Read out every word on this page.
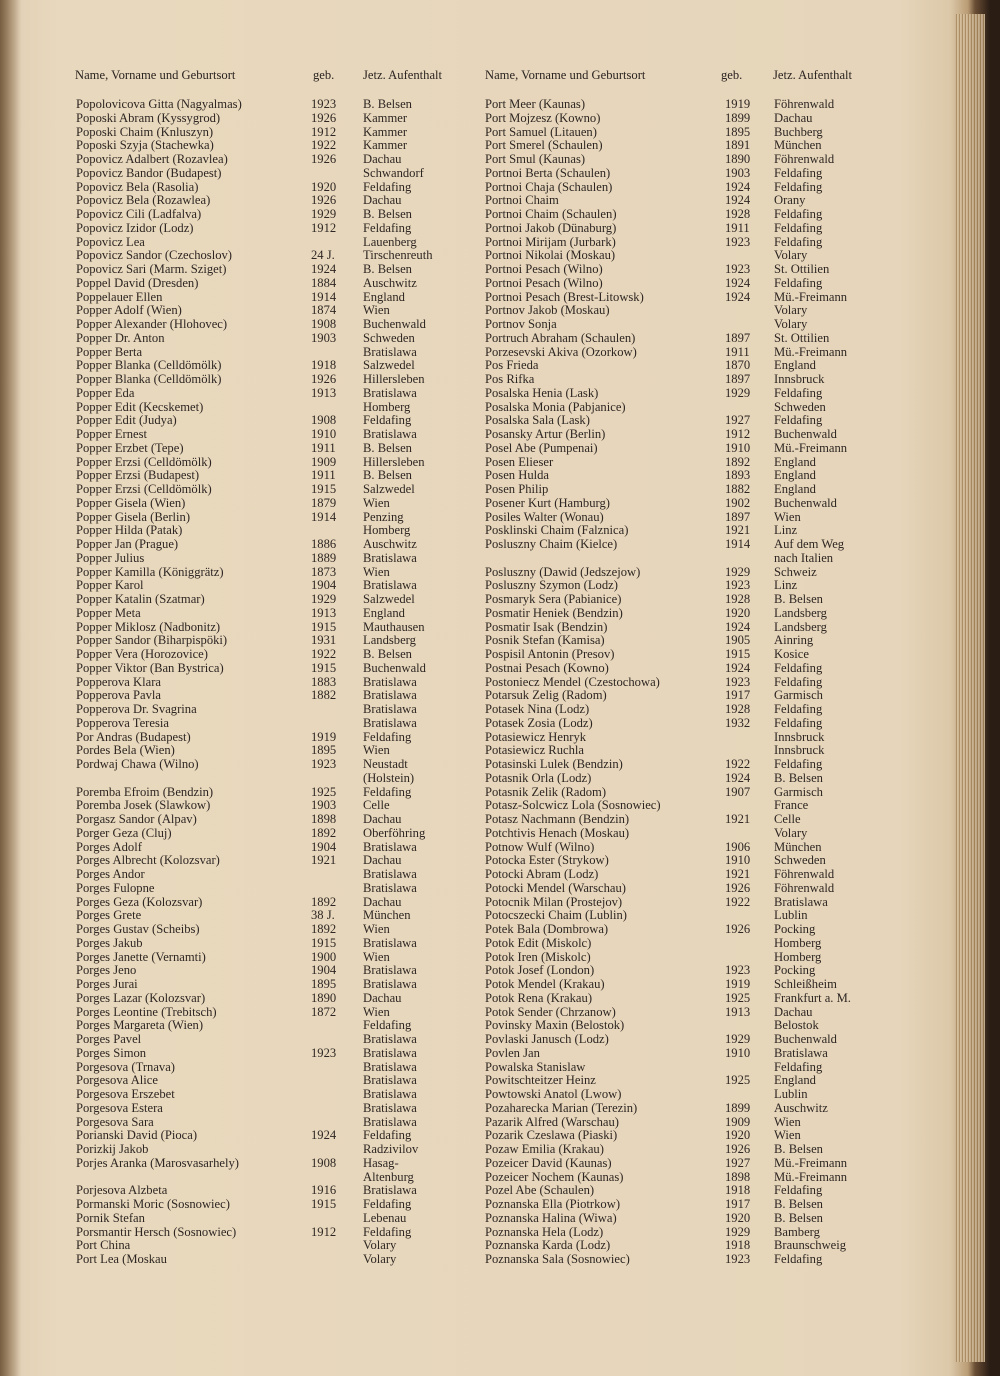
Name, Vorname und Geburtsort	geb. Jetz. Aufenthalt	Name, Vorname und Geburtsort	geb. Jetz. Aufenthalt
Popolovicova Gitta (Nagyalmas)	1923 B. Belsen
Poposki Abram (Kyssygrod)	1926 Kammer
Poposki Chaim (Knluszyn)	1912 Kammer
Poposki Szyja (Stachewka)	1922 Kammer
Popovicz Adalbert (Rozavlea)	1926 Dachau
Popovicz Bandor (Budapest)	Schwandorf
Popovicz Bela (Rasolia)	1920 Feldafing
Popovicz Bela (Rozawlea)	1926 Dachau
Popovicz Cili (Ladfalva)	1929 B. Belsen
Popovicz Izidor (Lodz)	1912 Feldafing
Popovicz Lea	Lauenberg
Popovicz Sandor (Czechoslov)	24 J. Tirschenreuth
Popovicz Sari (Marm. Sziget)	1924 B. Belsen
Poppel David (Dresden)	1884 Auschwitz
Poppelauer Ellen	1914 England
Popper Adolf (Wien)	1874 Wien
Popper Alexander (Hlohovec)	1908 Buchenwald
Popper Dr. Anton	1903 Schweden
Popper Berta	Bratislawa
Popper Blanka (Celldömölk)	1918 Salzwedel
Popper Blanka (Celldömölk)	1926 Hillersleben
Popper Eda	1913 Bratislawa
Popper Edit (Kecskemet)	Homberg
Popper Edit (Judya)	1908 Feldafing
Popper Ernest	1910 Bratislawa
Popper Erzbet (Tepe)	1911 B. Belsen
Popper Erzsi (Celldömölk)	1909 Hillersleben
Popper Erzsi (Budapest)	1911 B. Belsen
Popper Erzsi (Celldömölk)	1915 Salzwedel
Popper Gisela (Wien)	1879 Wien
Popper Gisela (Berlin)	1914 Penzing
Popper Hilda (Patak)	Homberg
Popper Jan (Prague)	1886 Auschwitz
Popper Julius	1889 Bratislawa
Popper Kamilla (Königgrätz)	1873 Wien
Popper Karol	1904 Bratislawa
Popper Katalin (Szatmar)	1929 Salzwedel
Popper Meta	1913 England
Popper Miklosz (Nadbonitz)	1915 Mauthausen
Popper Sandor (Biharpispöki)	1931 Landsberg
Popper Vera (Horozovice)	1922 B. Belsen
Popper Viktor (Ban Bystrica)	1915 Buchenwald
Popperova Klara	1883 Bratislawa
Popperova Pavla	1882 Bratislawa
Popperova Dr. Svagrina	Bratislawa
Popperova Teresia	Bratislawa
Por Andras (Budapest)	1919 Feldafing
Pordes Bela (Wien)	1895 Wien
Pordwaj Chawa (Wilno)	1923 Neustadt
(Holstein)
Poremba Efroim (Bendzin)	1925 Feldafing
Poremba Josek (Slawkow)	1903 Celle
Porgasz Sandor (Alpav)	1898 Dachau
Porger Geza (Cluj)	1892 Oberföhring
Porges Adolf	1904 Bratislawa
Porges Albrecht (Kolozsvar)	1921 Dachau
Porges Andor	Bratislawa
Porges Fulopne	Bratislawa
Porges Geza (Kolozsvar)	1892 Dachau
Porges Grete	38 J. München
Porges Gustav (Scheibs)	1892 Wien
Porges Jakub	1915 Bratislawa
Porges Janette (Vernamti)	1900 Wien
Porges Jeno	1904 Bratislawa
Porges Jurai	1895 Bratislawa
Porges Lazar (Kolozsvar)	1890 Dachau
Porges Leontine (Trebitsch)	1872 Wien
Porges Margareta (Wien)	Feldafing
Porges Pavel	Bratislawa
Porges Simon	1923 Bratislawa
Porgesova (Trnava)	Bratislawa
Porgesova Alice	Bratislawa
Porgesova Erszebet	Bratislawa
Porgesova Estera	Bratislawa
Porgesova Sara	Bratislawa
Porianski David (Pioca)	1924 Feldafing
Porizkij Jakob	Radzivilov
Porjes Aranka (Marosvasarhely)	1908 Hasag-
Altenburg
Porjesova Alzbeta	1916 Bratislawa
Pormanski Moric (Sosnowiec)	1915 Feldafing
Pornik Stefan	Lebenau
Porsmantir Hersch (Sosnowiec)	1912 Feldafing
Port China	Volary
Port Lea (Moskau	Volary
Port Meer (Kaunas)	1919 Föhrenwald
Port Mojzesz (Kowno)	1899 Dachau
Port Samuel (Litauen)	1895 Buchberg
Port Smerel (Schaulen)	1891 München
Port Smul (Kaunas)	1890 Föhrenwald
Portnoi Berta (Schaulen)	1903 Feldafing
Portnoi Chaja (Schaulen)	1924 Feldafing
Portnoi Chaim	1924 Orany
Portnoi Chaim (Schaulen)	1928 Feldafing
Portnoi Jakob (Dünaburg)	1911 Feldafing
Portnoi Mirijam (Jurbark)	1923 Feldafing
Portnoi Nikolai (Moskau)	Volary
Portnoi Pesach (Wilno)	1923 St. Ottilien
Portnoi Pesach (Wilno)	1924 Feldafing
Portnoi Pesach (Brest-Litowsk)	1924 Mü.-Freimann
Portnov Jakob (Moskau)	Volary
Portnov Sonja	Volary
Portruch Abraham (Schaulen)	1897 St. Ottilien
Porzesevski Akiva (Ozorkow)	1911 Mü.-Freimann
Pos Frieda	1870 England
Pos Rifka	1897 Innsbruck
Posalska Henia (Lask)	1929 Feldafing
Posalska Monia (Pabjanice)	Schweden
Posalska Sala (Lask)	1927 Feldafing
Posansky Artur (Berlin)	1912 Buchenwald
Posel Abe (Pumpenai)	1910 Mü.-Freimann
Posen Elieser	1892 England
Posen Hulda	1893 England
Posen Philip	1882 England
Posener Kurt (Hamburg)	1902 Buchenwald
Posiles Walter (Wonau)	1897 Wien
Posklinski Chaim (Falznica)	1921 Linz
Posluszny Chaim (Kielce)	1914 Auf dem Weg
nach Italien
Posluszny (Dawid (Jedszejow)	1929 Schweiz
Posluszny Szymon (Lodz)	1923 Linz
Posmaryk Sera (Pabianice)	1928 B. Belsen
Posmatir Heniek (Bendzin)	1920 Landsberg
Posmatir Isak (Bendzin)	1924 Landsberg
Posnik Stefan (Kamisa)	1905 Ainring
Pospisil Antonin (Presov)	1915 Kosice
Postnai Pesach (Kowno)	1924 Feldafing
Postoniecz Mendel (Czestochowa)	1923 Feldafing
Potarsuk Zelig (Radom)	1917 Garmisch
Potasek Nina (Lodz)	1928 Feldafing
Potasek Zosia (Lodz)	1932 Feldafing
Potasiewicz Henryk	Innsbruck
Potasiewicz Ruchla	Innsbruck
Potasinski Lulek (Bendzin)	1922 Feldafing
Potasnik Orla (Lodz)	1924 B. Belsen
Potasnik Zelik (Radom)	1907 Garmisch
Potasz-Solcwicz Lola (Sosnowiec)	France
Potasz Nachmann (Bendzin)	1921 Celle
Potchtivis Henach (Moskau)	Volary
Potnow Wulf (Wilno)	1906 München
Potocka Ester (Strykow)	1910 Schweden
Potocki Abram (Lodz)	1921 Föhrenwald
Potocki Mendel (Warschau)	1926 Föhrenwald
Potocnik Milan (Prostejov)	1922 Bratislawa
Potocszecki Chaim (Lublin)	Lublin
Potek Bala (Dombrowa)	1926 Pocking
Potok Edit (Miskolc)	Homberg
Potok Iren (Miskolc)	Homberg
Potok Josef (London)	1923 Pocking
Potok Mendel (Krakau)	1919 Schleißheim
Potok Rena (Krakau)	1925 Frankfurt a. M.
Potok Sender (Chrzanow)	1913 Dachau
Povinsky Maxin (Belostok)	Belostok
Povlaski Janusch (Lodz)	1929 Buchenwald
Povlen Jan	1910 Bratislawa
Powalska Stanislaw	Feldafing
Powitschteitzer Heinz	1925 England
Powtowski Anatol (Lwow)	Lublin
Pozaharecka Marian (Terezin)	1899 Auschwitz
Pazarik Alfred (Warschau)	1909 Wien
Pozarik Czeslawa (Piaski)	1920 Wien
Pozaw Emilia (Krakau)	1926 B. Belsen
Pozeicer David (Kaunas)	1927 Mü.-Freimann
Pozeicer Nochem (Kaunas)	1898 Mü.-Freimann
Pozel Abe (Schaulen)	1918 Feldafing
Poznanska Ella (Piotrkow)	1917 B. Belsen
Poznanska Halina (Wiwa)	1920 B. Belsen
Poznanska Hela (Lodz)	1929 Bamberg
Poznanska Karda (Lodz)	1918 Braunschweig
Poznanska Sala (Sosnowiec)	1923 Feldafing
